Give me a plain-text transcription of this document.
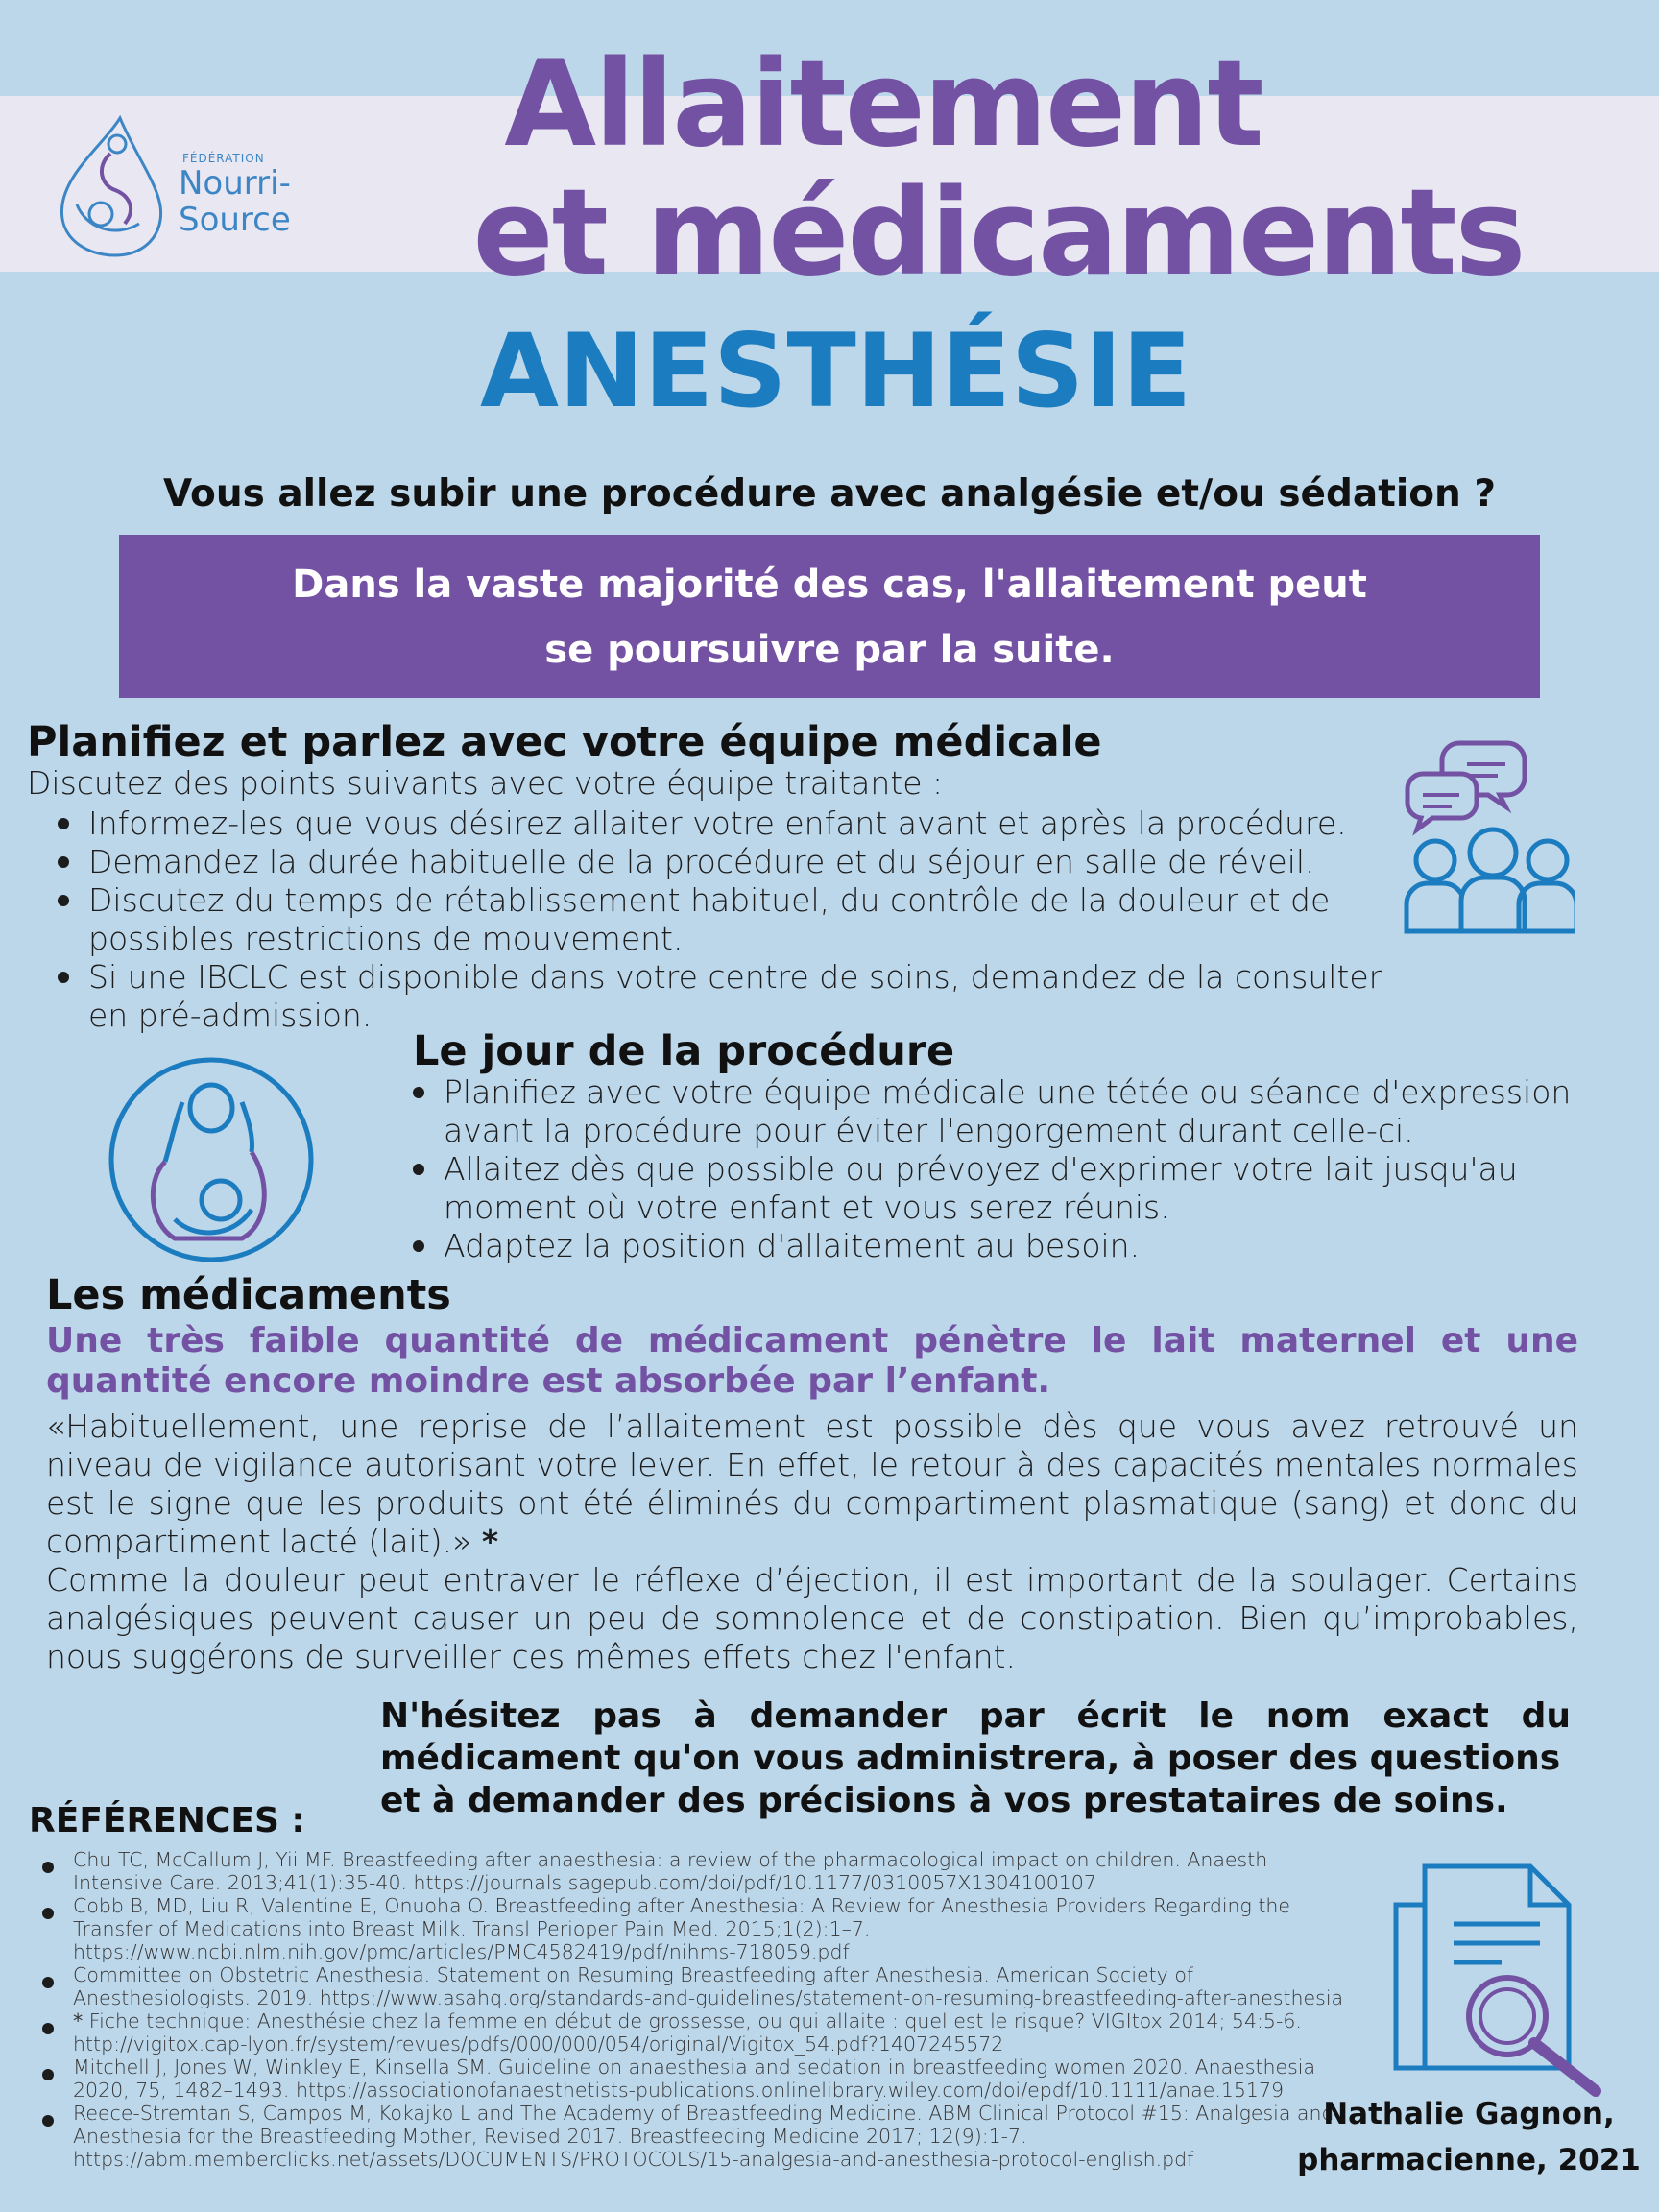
FÉDÉRATION
Nourri-
Source
Allaitement
et médicaments
ANESTHÉSIE
Vous allez subir une procédure avec analgésie et/ou sédation ?
Dans la vaste majorité des cas, l'allaitement peut
se poursuivre par la suite.
Planifiez et parlez avec votre équipe médicale
Discutez des points suivants avec votre équipe traitante :
Informez-les que vous désirez allaiter votre enfant avant et après la procédure.
Demandez la durée habituelle de la procédure et du séjour en salle de réveil.
Discutez du temps de rétablissement habituel, du contrôle de la douleur et de possibles restrictions de mouvement.
Si une IBCLC est disponible dans votre centre de soins, demandez de la consulter en pré-admission.
Le jour de la procédure
Planifiez avec votre équipe médicale une tétée ou séance d'expression avant la procédure pour éviter l'engorgement durant celle-ci.
Allaitez dès que possible ou prévoyez d'exprimer votre lait jusqu'au moment où votre enfant et vous serez réunis.
Adaptez la position d'allaitement au besoin.
Les médicaments
Une très faible quantité de médicament pénètre le lait maternel et une quantité encore moindre est absorbée par l’enfant.

«Habituellement, une reprise de l’allaitement est possible dès que vous avez retrouvé un niveau de vigilance autorisant votre lever. En effet, le retour à des capacités mentales normales est le signe que les produits ont été éliminés du compartiment plasmatique (sang) et donc du compartiment lacté (lait).» *

Comme la douleur peut entraver le réflexe d’éjection, il est important de la soulager. Certains analgésiques peuvent causer un peu de somnolence et de constipation. Bien qu’improbables, nous suggérons de surveiller ces mêmes effets chez l'enfant.

N'hésitez pas à demander par écrit le nom exact du médicament qu'on vous administrera, à poser des questions
et à demander des précisions à vos prestataires de soins.
RÉFÉRENCES :
Chu TC, McCallum J, Yii MF. Breastfeeding after anaesthesia: a review of the pharmacological impact on children. Anaesth Intensive Care. 2013;41(1):35-40. https://journals.sagepub.com/doi/pdf/10.1177/0310057X1304100107
Cobb B, MD, Liu R, Valentine E, Onuoha O. Breastfeeding after Anesthesia: A Review for Anesthesia Providers Regarding the Transfer of Medications into Breast Milk. Transl Perioper Pain Med. 2015;1(2):1–7. https://www.ncbi.nlm.nih.gov/pmc/articles/PMC4582419/pdf/nihms-718059.pdf
Committee on Obstetric Anesthesia. Statement on Resuming Breastfeeding after Anesthesia. American Society of Anesthesiologists. 2019. https://www.asahq.org/standards-and-guidelines/statement-on-resuming-breastfeeding-after-anesthesia
* Fiche technique: Anesthésie chez la femme en début de grossesse, ou qui allaite : quel est le risque? VIGItox 2014; 54:5-6. http://vigitox.cap-lyon.fr/system/revues/pdfs/000/000/054/original/Vigitox_54.pdf?1407245572
Mitchell J, Jones W, Winkley E, Kinsella SM. Guideline on anaesthesia and sedation in breastfeeding women 2020. Anaesthesia 2020, 75, 1482–1493. https://associationofanaesthetists-publications.onlinelibrary.wiley.com/doi/epdf/10.1111/anae.15179
Reece-Stremtan S, Campos M, Kokajko L and The Academy of Breastfeeding Medicine. ABM Clinical Protocol #15: Analgesia and Anesthesia for the Breastfeeding Mother, Revised 2017. Breastfeeding Medicine 2017; 12(9):1-7. https://abm.memberclicks.net/assets/DOCUMENTS/PROTOCOLS/15-analgesia-and-anesthesia-protocol-english.pdf
Nathalie Gagnon,
pharmacienne, 2021
